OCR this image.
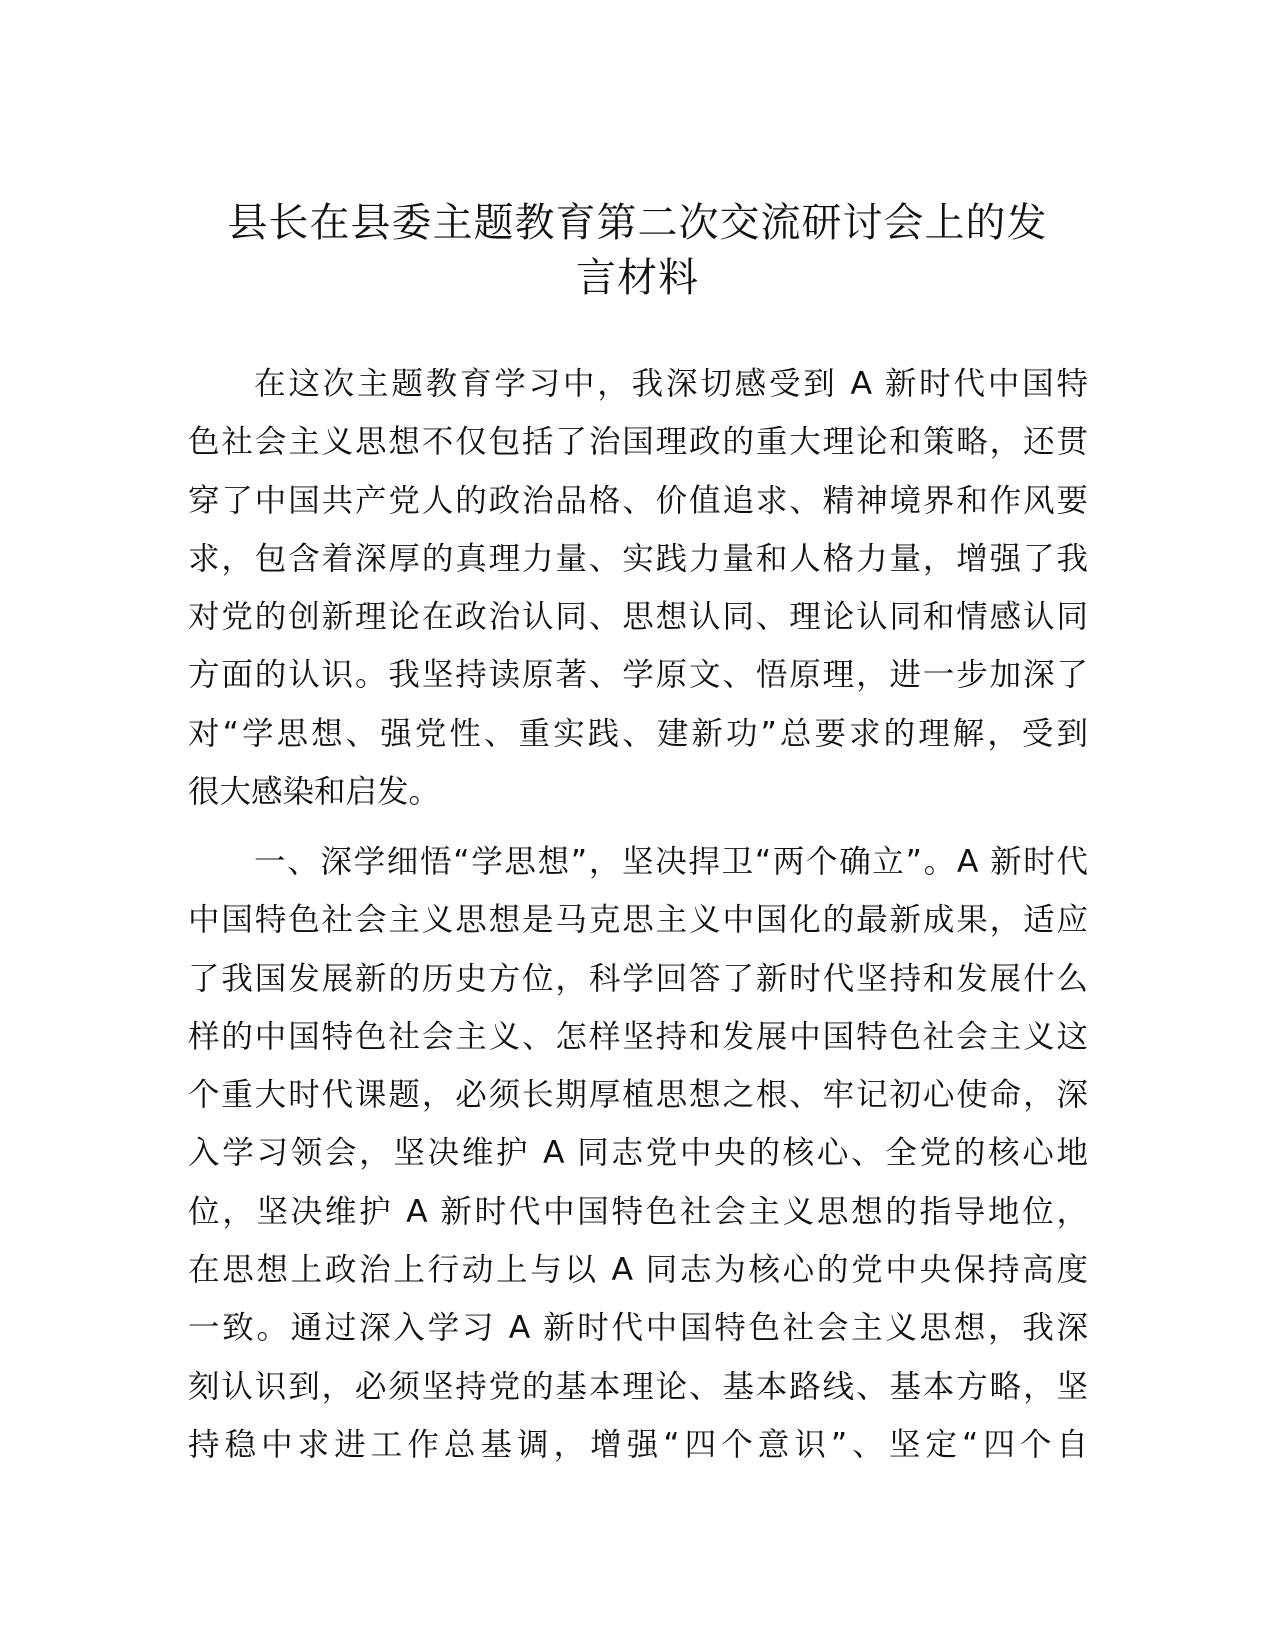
县长在县委主题教育第二次交流研讨会上的发
言材料
在这次主题教育学习中，我深切感受到 A 新时代中国特
色社会主义思想不仅包括了治国理政的重大理论和策略，还贯
穿了中国共产党人的政治品格、价值追求、精神境界和作风要
求，包含着深厚的真理力量、实践力量和人格力量，增强了我
对党的创新理论在政治认同、思想认同、理论认同和情感认同
方面的认识。我坚持读原著、学原文、悟原理，进一步加深了
对“学思想、强党性、重实践、建新功”总要求的理解，受到
很大感染和启发。
一、深学细悟“学思想”，坚决捍卫“两个确立”。A 新时代
中国特色社会主义思想是马克思主义中国化的最新成果，适应
了我国发展新的历史方位，科学回答了新时代坚持和发展什么
样的中国特色社会主义、怎样坚持和发展中国特色社会主义这
个重大时代课题，必须长期厚植思想之根、牢记初心使命，深
入学习领会，坚决维护 A 同志党中央的核心、全党的核心地
位，坚决维护 A 新时代中国特色社会主义思想的指导地位，
在思想上政治上行动上与以 A 同志为核心的党中央保持高度
一致。通过深入学习 A 新时代中国特色社会主义思想，我深
刻认识到，必须坚持党的基本理论、基本路线、基本方略，坚
持稳中求进工作总基调，增强“四个意识”、坚定“四个自
